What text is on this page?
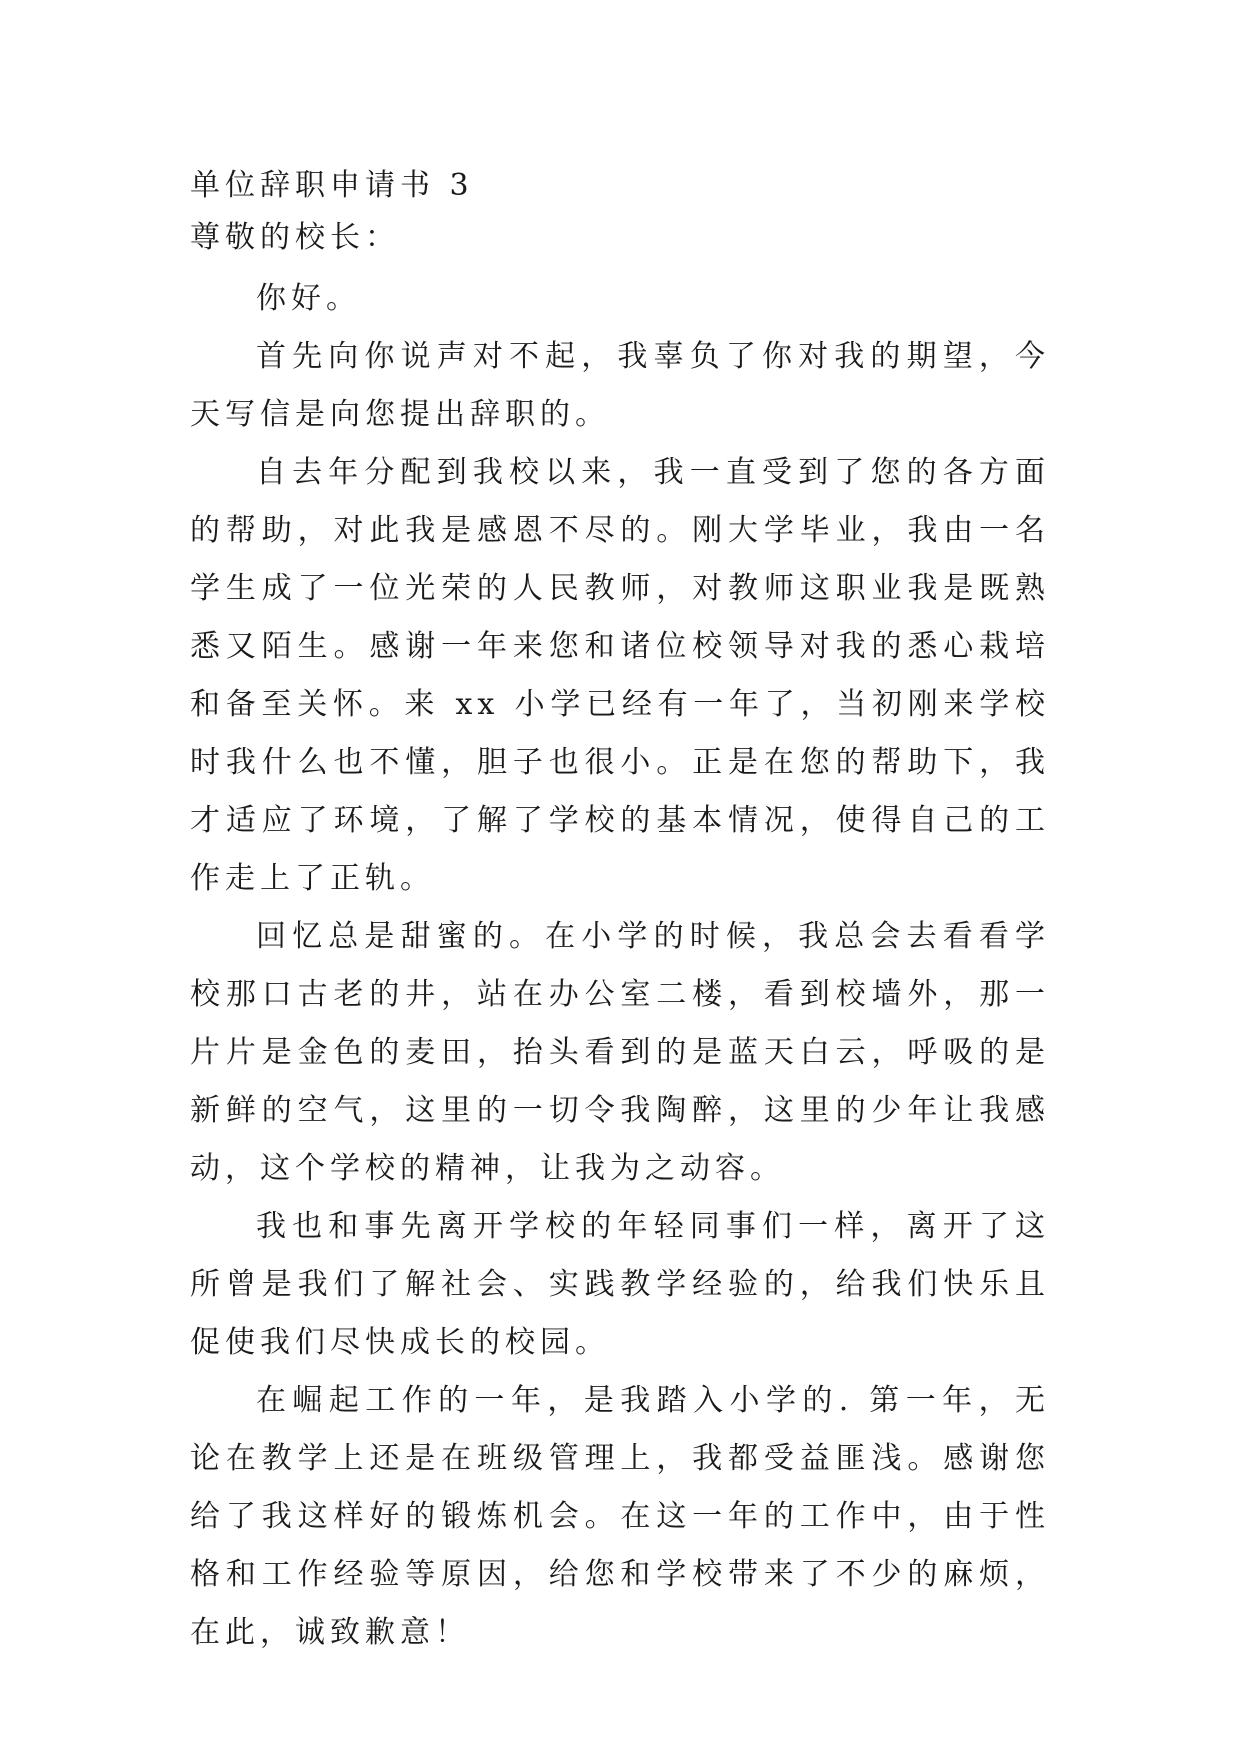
单位辞职申请书 3

尊敬的校长：

你好。

首先向你说声对不起，我辜负了你对我的期望，今天写信是向您提出辞职的。

自去年分配到我校以来，我一直受到了您的各方面的帮助，对此我是感恩不尽的。刚大学毕业，我由一名学生成了一位光荣的人民教师，对教师这职业我是既熟悉又陌生。感谢一年来您和诸位校领导对我的悉心栽培和备至关怀。来 xx 小学已经有一年了，当初刚来学校时我什么也不懂，胆子也很小。正是在您的帮助下，我才适应了环境，了解了学校的基本情况，使得自己的工作走上了正轨。

回忆总是甜蜜的。在小学的时候，我总会去看看学校那口古老的井，站在办公室二楼，看到校墙外，那一片片是金色的麦田，抬头看到的是蓝天白云，呼吸的是新鲜的空气，这里的一切令我陶醉，这里的少年让我感动，这个学校的精神，让我为之动容。

我也和事先离开学校的年轻同事们一样，离开了这所曾是我们了解社会、实践教学经验的，给我们快乐且促使我们尽快成长的校园。

在崛起工作的一年，是我踏入小学的. 第一年，无论在教学上还是在班级管理上，我都受益匪浅。感谢您给了我这样好的锻炼机会。在这一年的工作中，由于性格和工作经验等原因，给您和学校带来了不少的麻烦，在此，诚致歉意！
